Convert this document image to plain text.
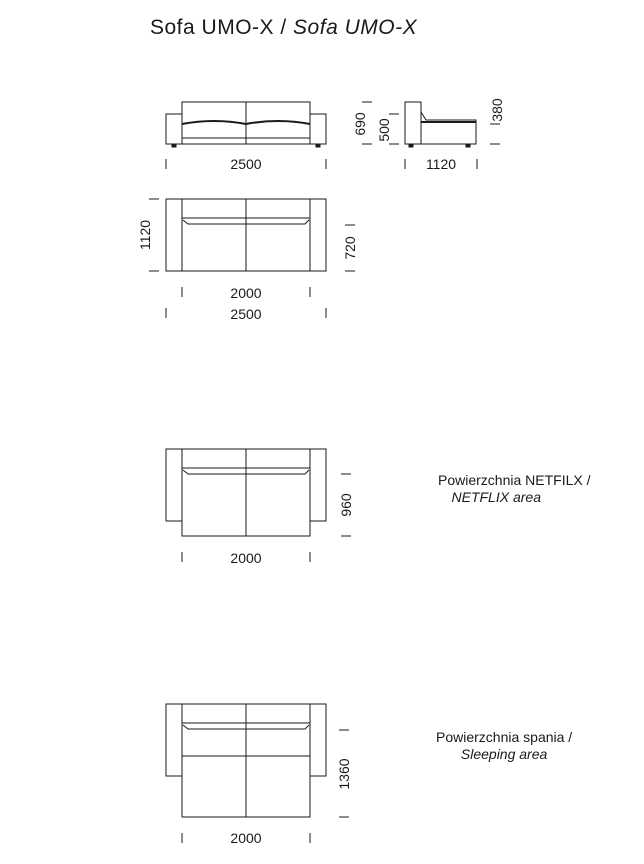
Sofa UMO-X / Sofa UMO-X
2500
690 500
1120
380
1120	720
2000
2500
960
2000
1360
2000
Powierzchnia NETFILX /
NETFLIX area
Powierzchnia spania /
Sleeping area
